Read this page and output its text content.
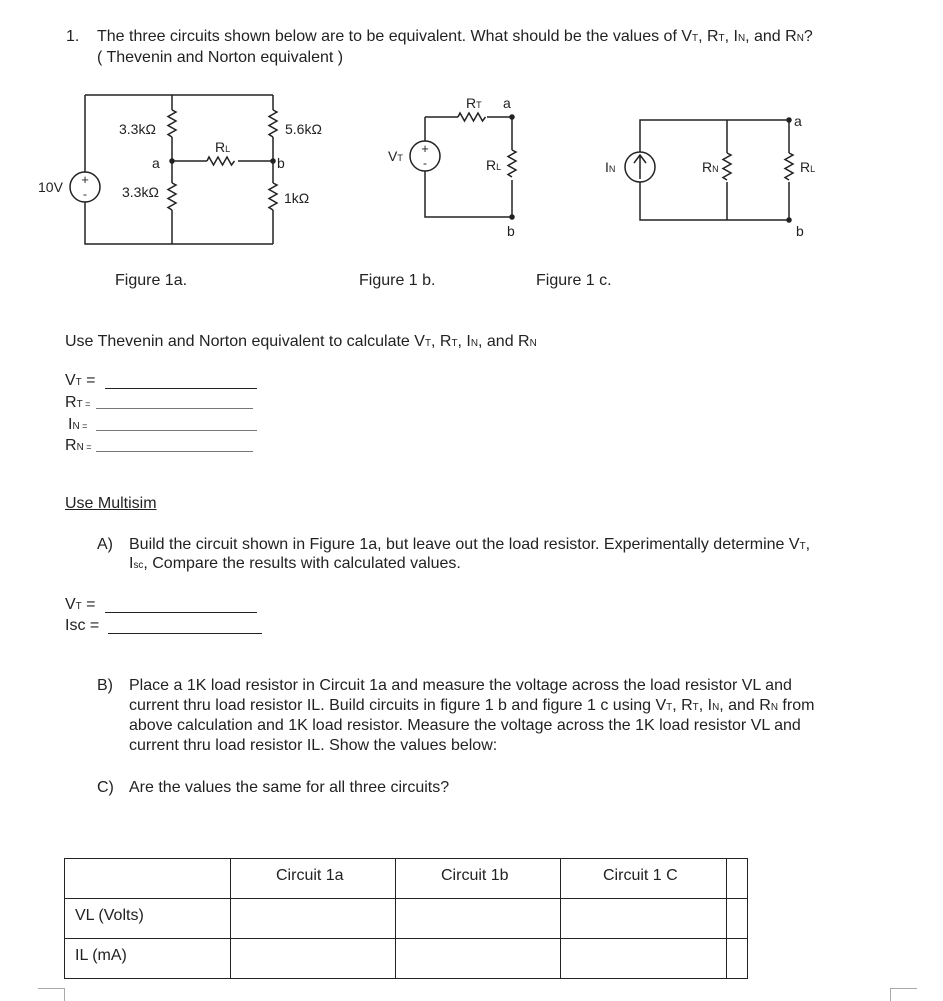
1. The three circuits shown below are to be equivalent. What should be the values of VT, RT, IN, and RN?
( Thevenin and Norton equivalent )
+
-
10V
3.3kΩ
3.3kΩ
5.6kΩ
1kΩ
a	b
RL	+
-
VT
RT
RL
a
b
IN	RN	RL
a
b
Figure 1a.	Figure 1 b.	Figure 1 c.
Use Thevenin and Norton equivalent to calculate VT, RT, IN, and RN
VT =
RT =
IN =
RN =
Use Multisim
A) Build the circuit shown in Figure 1a, but leave out the load resistor. Experimentally determine VT,
Isc, Compare the results with calculated values.
VT =
Isc =
B) Place a 1K load resistor in Circuit 1a and measure the voltage across the load resistor VL and
current thru load resistor IL. Build circuits in figure 1 b and figure 1 c using VT, RT, IN, and RN from
above calculation and 1K load resistor. Measure the voltage across the 1K load resistor VL and
current thru load resistor IL. Show the values below:
C) Are the values the same for all three circuits?
	Circuit 1a	Circuit 1b	Circuit 1 C	
VL (Volts)				
IL (mA)				
